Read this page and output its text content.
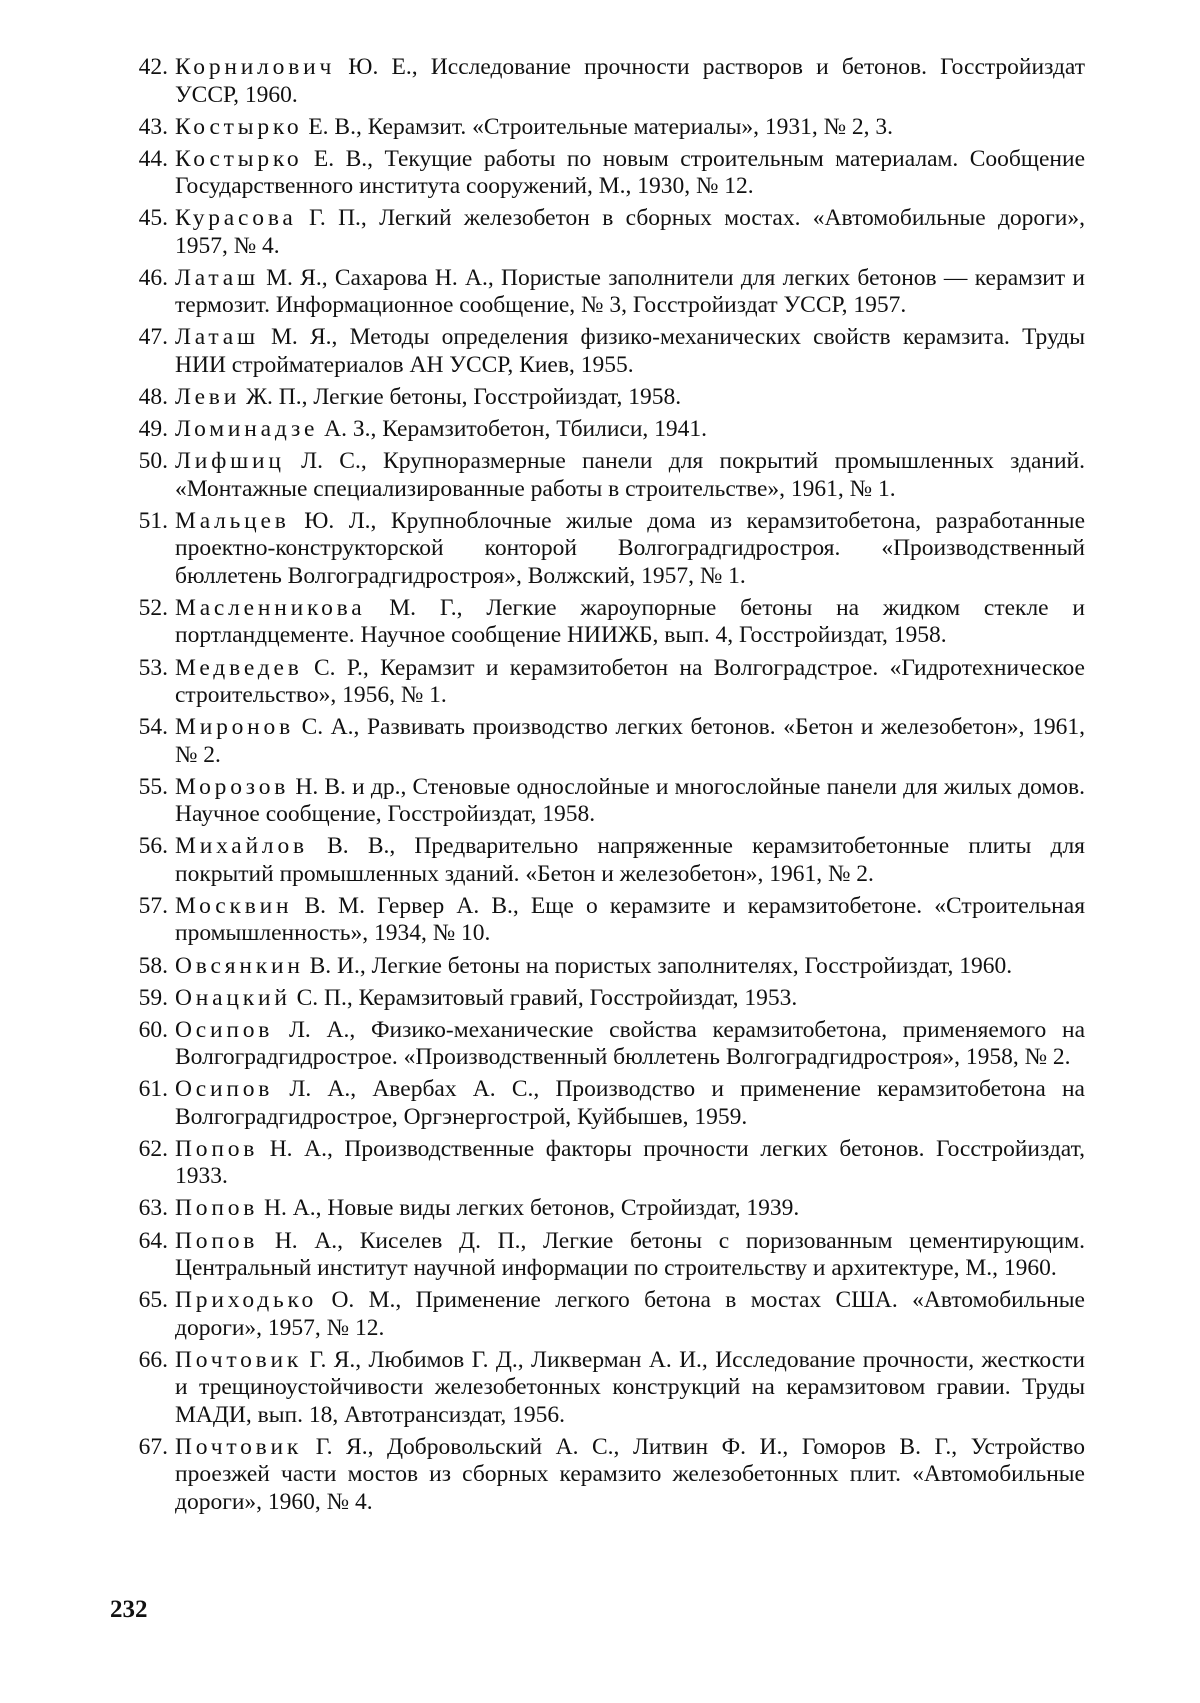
42. Корнилович Ю. Е., Исследование прочности растворов и бетонов. Госстройиздат УССР, 1960.
43. Костырко Е. В., Керамзит. «Строительные материалы», 1931, № 2, 3.
44. Костырко Е. В., Текущие работы по новым строительным материалам. Сообщение Государственного института сооружений, М., 1930, № 12.
45. Курасова Г. П., Легкий железобетон в сборных мостах. «Автомобильные дороги», 1957, № 4.
46. Латаш М. Я., Сахарова Н. А., Пористые заполнители для легких бетонов — керамзит и термозит. Информационное сообщение, № 3, Госстройиздат УССР, 1957.
47. Латаш М. Я., Методы определения физико-механических свойств керамзита. Труды НИИ стройматериалов АН УССР, Киев, 1955.
48. Леви Ж. П., Легкие бетоны, Госстройиздат, 1958.
49. Ломинадзе А. З., Керамзитобетон, Тбилиси, 1941.
50. Лифшиц Л. С., Крупноразмерные панели для покрытий промышленных зданий. «Монтажные специализированные работы в строительстве», 1961, № 1.
51. Мальцев Ю. Л., Крупноблочные жилые дома из керамзитобетона, разработанные проектно-конструкторской конторой Волгоградгидростроя. «Производственный бюллетень Волгоградгидростроя», Волжский, 1957, № 1.
52. Масленникова М. Г., Легкие жароупорные бетоны на жидком стекле и портландцементе. Научное сообщение НИИЖБ, вып. 4, Госстройиздат, 1958.
53. Медведев С. Р., Керамзит и керамзитобетон на Волгоградстрое. «Гидротехническое строительство», 1956, № 1.
54. Миронов С. А., Развивать производство легких бетонов. «Бетон и железобетон», 1961, № 2.
55. Морозов Н. В. и др., Стеновые однослойные и многослойные панели для жилых домов. Научное сообщение, Госстройиздат, 1958.
56. Михайлов В. В., Предварительно напряженные керамзитобетонные плиты для покрытий промышленных зданий. «Бетон и железобетон», 1961, № 2.
57. Москвин В. М. Гервер А. В., Еще о керамзите и керамзитобетоне. «Строительная промышленность», 1934, № 10.
58. Овсянкин В. И., Легкие бетоны на пористых заполнителях, Госстройиздат, 1960.
59. Онацкий С. П., Керамзитовый гравий, Госстройиздат, 1953.
60. Осипов Л. А., Физико-механические свойства керамзитобетона, применяемого на Волгоградгидрострое. «Производственный бюллетень Волгоградгидростроя», 1958, № 2.
61. Осипов Л. А., Авербах А. С., Производство и применение керамзитобетона на Волгоградгидрострое, Оргэнергострой, Куйбышев, 1959.
62. Попов Н. А., Производственные факторы прочности легких бетонов. Госстройиздат, 1933.
63. Попов Н. А., Новые виды легких бетонов, Стройиздат, 1939.
64. Попов Н. А., Киселев Д. П., Легкие бетоны с поризованным цементирующим. Центральный институт научной информации по строительству и архитектуре, М., 1960.
65. Приходько О. М., Применение легкого бетона в мостах США. «Автомобильные дороги», 1957, № 12.
66. Почтовик Г. Я., Любимов Г. Д., Ликверман А. И., Исследование прочности, жесткости и трещиноустойчивости железобетонных конструкций на керамзитовом гравии. Труды МАДИ, вып. 18, Автотрансиздат, 1956.
67. Почтовик Г. Я., Добровольский А. С., Литвин Ф. И., Гоморов В. Г., Устройство проезжей части мостов из сборных керамзито железобетонных плит. «Автомобильные дороги», 1960, № 4.
232
